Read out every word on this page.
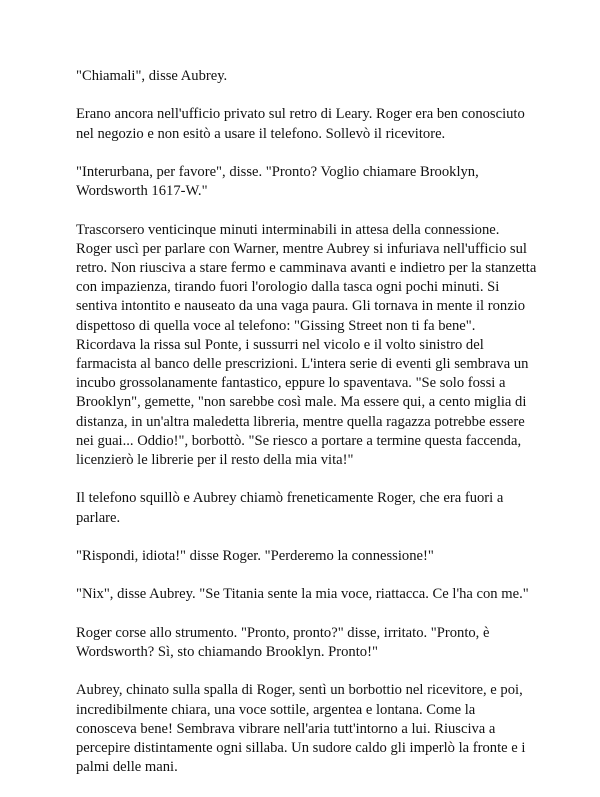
"Chiamali", disse Aubrey.

Erano ancora nell'ufficio privato sul retro di Leary. Roger era ben conosciuto nel negozio e non esitò a usare il telefono. Sollevò il ricevitore.

"Interurbana, per favore", disse. "Pronto? Voglio chiamare Brooklyn, Wordsworth 1617-W."

Trascorsero venticinque minuti interminabili in attesa della connessione. Roger uscì per parlare con Warner, mentre Aubrey si infuriava nell'ufficio sul retro. Non riusciva a stare fermo e camminava avanti e indietro per la stanzetta con impazienza, tirando fuori l'orologio dalla tasca ogni pochi minuti. Si sentiva intontito e nauseato da una vaga paura. Gli tornava in mente il ronzio dispettoso di quella voce al telefono: "Gissing Street non ti fa bene". Ricordava la rissa sul Ponte, i sussurri nel vicolo e il volto sinistro del farmacista al banco delle prescrizioni. L'intera serie di eventi gli sembrava un incubo grossolanamente fantastico, eppure lo spaventava. "Se solo fossi a Brooklyn", gemette, "non sarebbe così male. Ma essere qui, a cento miglia di distanza, in un'altra maledetta libreria, mentre quella ragazza potrebbe essere nei guai... Oddio!", borbottò. "Se riesco a portare a termine questa faccenda, licenzierò le librerie per il resto della mia vita!"

Il telefono squillò e Aubrey chiamò freneticamente Roger, che era fuori a parlare.

"Rispondi, idiota!" disse Roger. "Perderemo la connessione!"

"Nix", disse Aubrey. "Se Titania sente la mia voce, riattacca. Ce l'ha con me."

Roger corse allo strumento. "Pronto, pronto?" disse, irritato. "Pronto, è Wordsworth? Sì, sto chiamando Brooklyn. Pronto!"

Aubrey, chinato sulla spalla di Roger, sentì un borbottio nel ricevitore, e poi, incredibilmente chiara, una voce sottile, argentea e lontana. Come la conosceva bene! Sembrava vibrare nell'aria tutt'intorno a lui. Riusciva a percepire distintamente ogni sillaba. Un sudore caldo gli imperlò la fronte e i palmi delle mani.
